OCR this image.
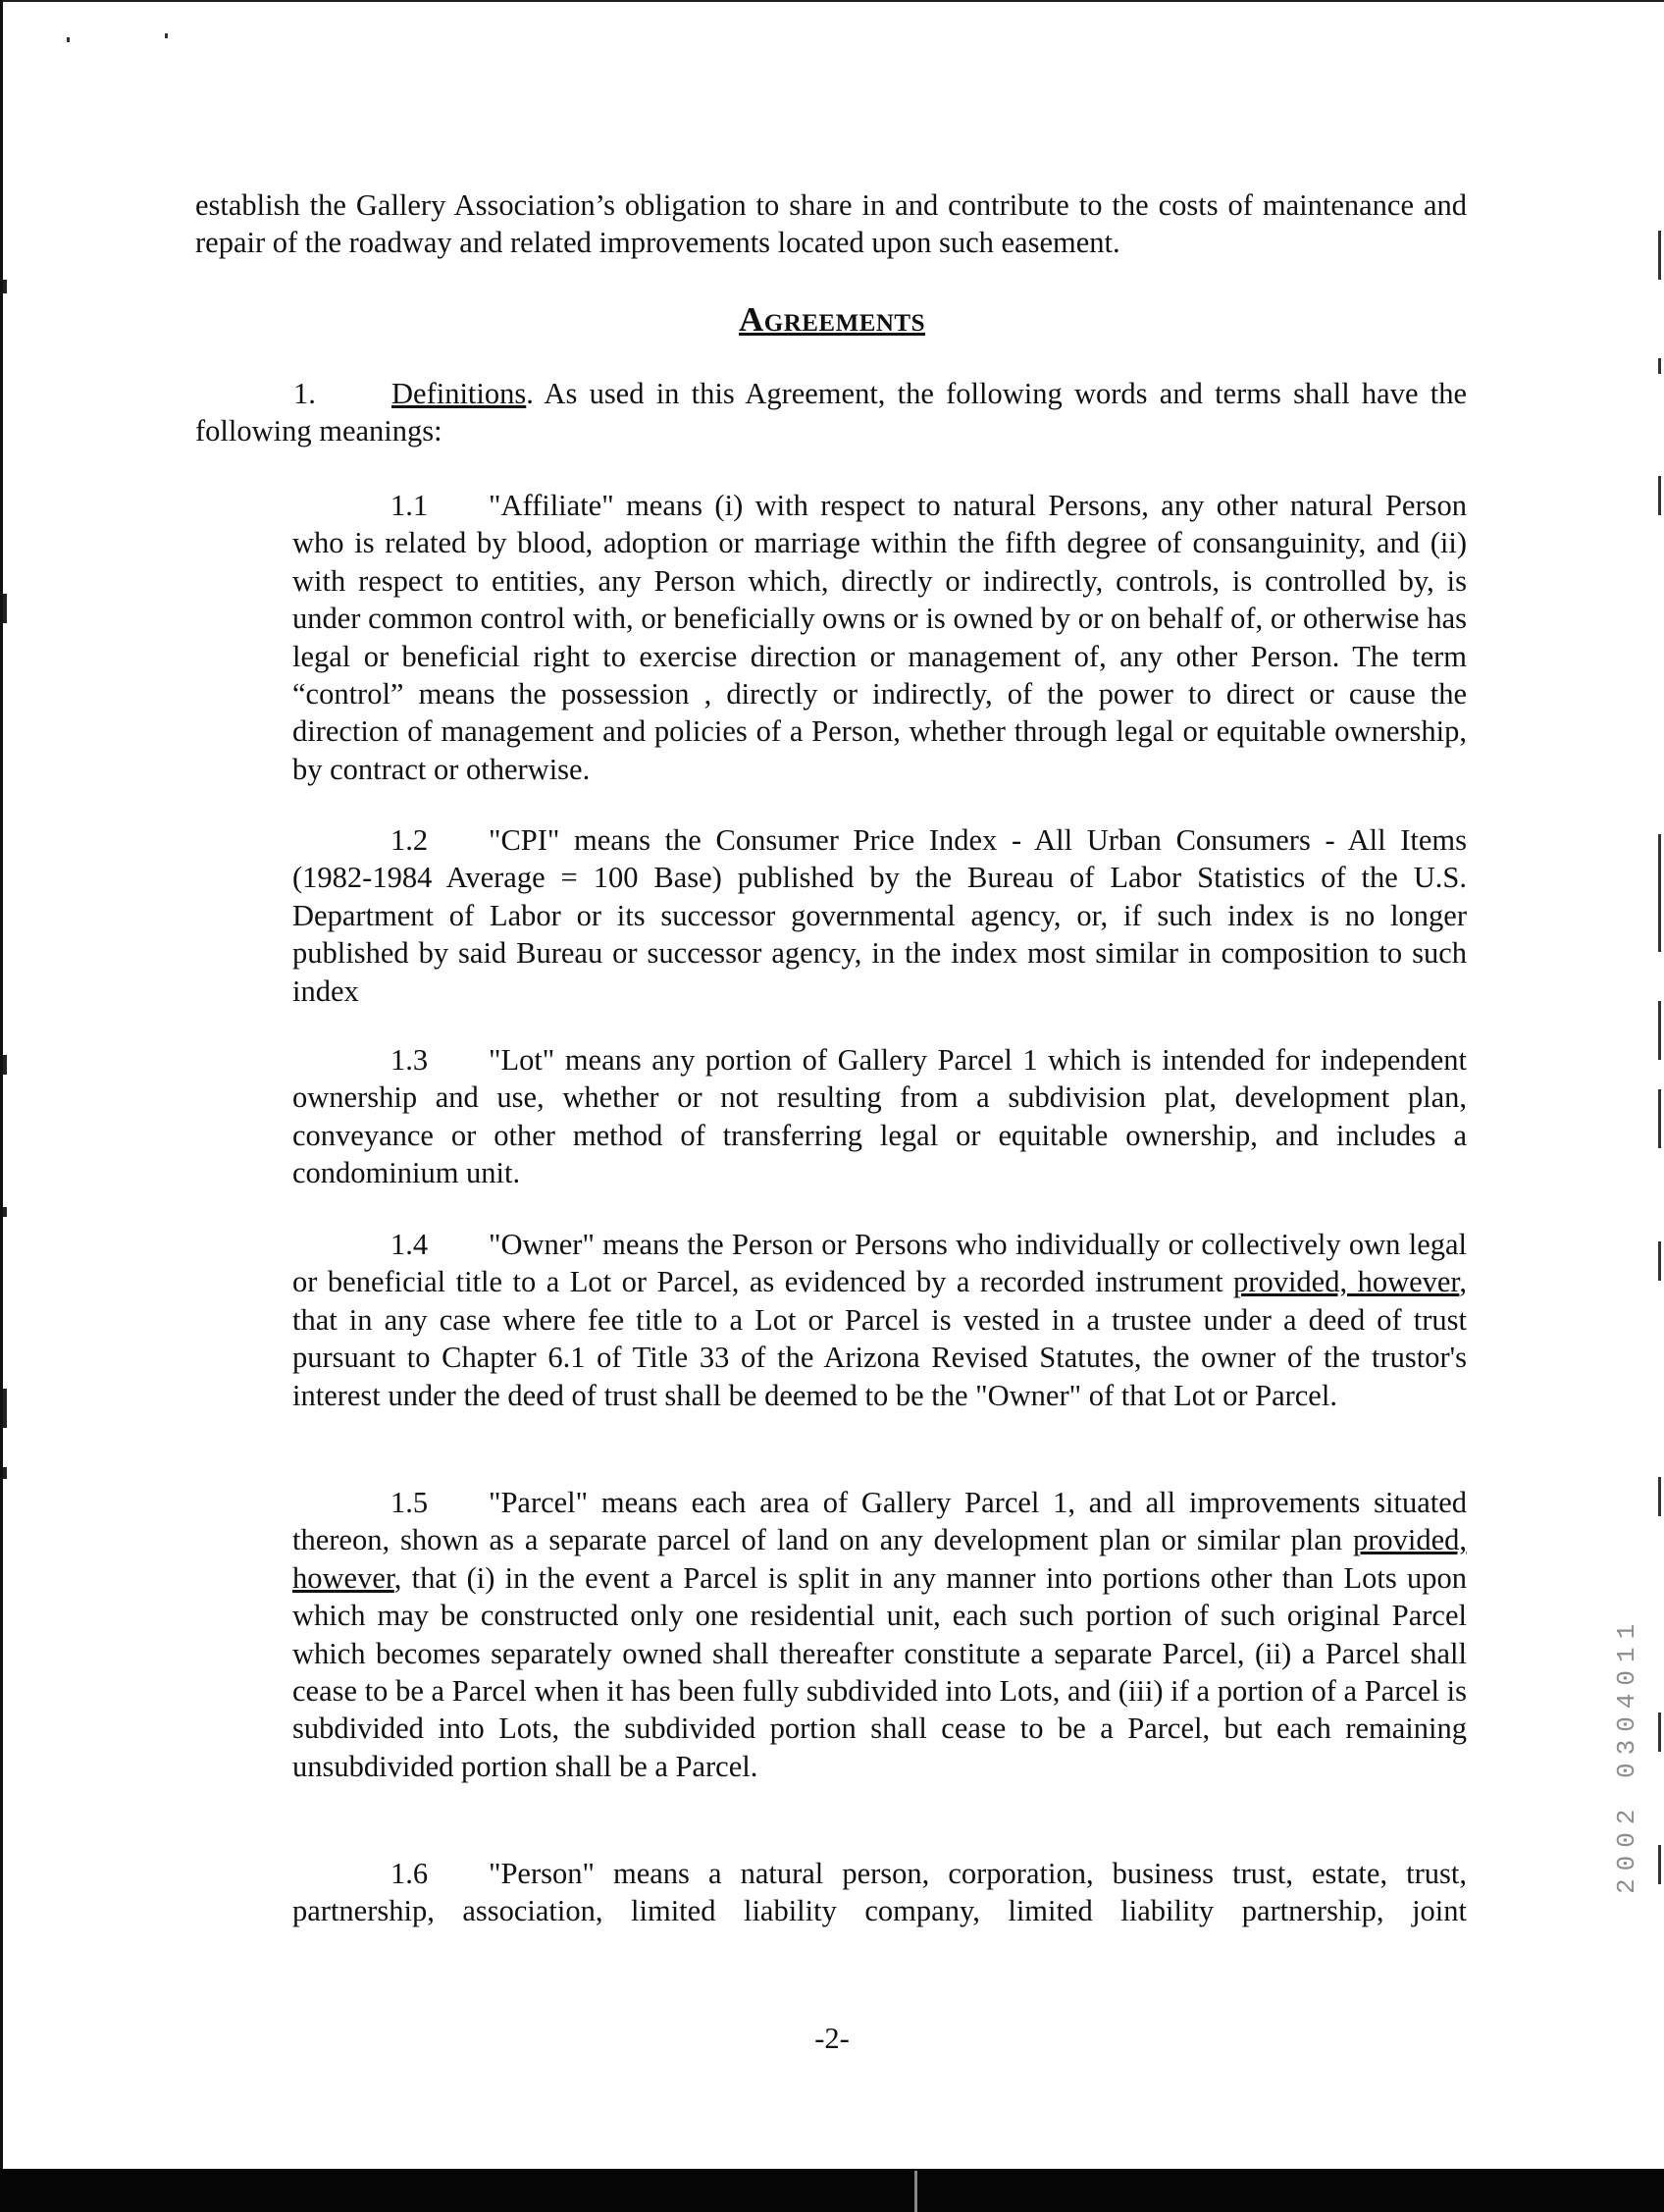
2002 0304011

establish the Gallery Association’s obligation to share in and contribute to the costs of maintenance and repair of the roadway and related improvements located upon such easement.

Agreements

1.	Definitions. As used in this Agreement, the following words and terms shall have the following meanings:

1.1 "Affiliate" means (i) with respect to natural Persons, any other natural Person who is related by blood, adoption or marriage within the fifth degree of consanguinity, and (ii) with respect to entities, any Person which, directly or indirectly, controls, is controlled by, is under common control with, or beneficially owns or is owned by or on behalf of, or otherwise has legal or beneficial right to exercise direction or management of, any other Person. The term “control” means the possession , directly or indirectly, of the power to direct or cause the direction of management and policies of a Person, whether through legal or equitable ownership, by contract or otherwise.

1.2 "CPI" means the Consumer Price Index - All Urban Consumers - All Items (1982-1984 Average = 100 Base) published by the Bureau of Labor Statistics of the U.S. Department of Labor or its successor governmental agency, or, if such index is no longer published by said Bureau or successor agency, in the index most similar in composition to such index

1.3 "Lot" means any portion of Gallery Parcel 1 which is intended for independent ownership and use, whether or not resulting from a subdivision plat, development plan, conveyance or other method of transferring legal or equitable ownership, and includes a condominium unit.

1.4 "Owner" means the Person or Persons who individually or collectively own legal or beneficial title to a Lot or Parcel, as evidenced by a recorded instrument provided, however, that in any case where fee title to a Lot or Parcel is vested in a trustee under a deed of trust pursuant to Chapter 6.1 of Title 33 of the Arizona Revised Statutes, the owner of the trustor's interest under the deed of trust shall be deemed to be the "Owner" of that Lot or Parcel.

1.5 "Parcel" means each area of Gallery Parcel 1, and all improvements situated thereon, shown as a separate parcel of land on any development plan or similar plan provided, however, that (i) in the event a Parcel is split in any manner into portions other than Lots upon which may be constructed only one residential unit, each such portion of such original Parcel which becomes separately owned shall thereafter constitute a separate Parcel, (ii) a Parcel shall cease to be a Parcel when it has been fully subdivided into Lots, and (iii) if a portion of a Parcel is subdivided into Lots, the subdivided portion shall cease to be a Parcel, but each remaining unsubdivided portion shall be a Parcel.

1.6 "Person" means a natural person, corporation, business trust, estate, trust, partnership, association, limited liability company, limited liability partnership, joint

-2-
